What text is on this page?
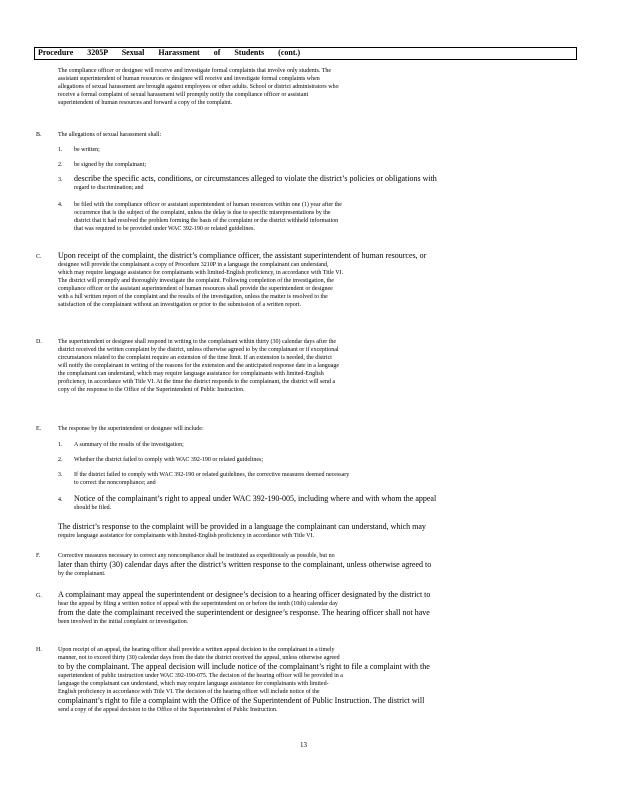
Procedure 3205P Sexual Harassment of Students (cont.)
The compliance officer or designee will receive and investigate formal complaints that involve only students. The
assistant superintendent of human resources or designee will receive and investigate formal complaints when
allegations of sexual harassment are brought against employees or other adults. School or district administrators who
receive a formal complaint of sexual harassment will promptly notify the compliance officer or assistant
superintendent of human resources and forward a copy of the complaint.
B.	The allegations of sexual harassment shall:
1. be written;
2. be signed by the complainant;
3. describe the specific acts, conditions, or circumstances alleged to violate the district’s policies or obligations with
regard to discrimination; and
4. be filed with the compliance officer or assistant superintendent of human resources within one (1) year after the
occurrence that is the subject of the complaint, unless the delay is due to specific misrepresentations by the
district that it had resolved the problem forming the basis of the complaint or the district withheld information
that was required to be provided under WAC 392-190 or related guidelines.
C. Upon receipt of the complaint, the district’s compliance officer, the assistant superintendent of human resources, or
designee will provide the complainant a copy of Procedure 3210P in a language the complainant can understand,
which may require language assistance for complainants with limited-English proficiency, in accordance with Title VI.
The district will promptly and thoroughly investigate the complaint. Following completion of the investigation, the
compliance officer or the assistant superintendent of human resources shall provide the superintendent or designee
with a full written report of the complaint and the results of the investigation, unless the matter is resolved to the
satisfaction of the complainant without an investigation or prior to the submission of a written report.
D.	The superintendent or designee shall respond in writing to the complainant within thirty (30) calendar days after the
district received the written complaint by the district, unless otherwise agreed to by the complainant or if exceptional
circumstances related to the complaint require an extension of the time limit. If an extension is needed, the district
will notify the complainant in writing of the reasons for the extension and the anticipated response date in a language
the complainant can understand, which may require language assistance for complainants with limited-English
proficiency, in accordance with Title VI. At the time the district responds to the complainant, the district will send a
copy of the response to the Office of the Superintendent of Public Instruction.
E.	The response by the superintendent or designee will include:
1. A summary of the results of the investigation;
2. Whether the district failed to comply with WAC 392-190 or related guidelines;
3. If the district failed to comply with WAC 392-190 or related guidelines, the corrective measures deemed necessary
to correct the noncompliance; and
4. Notice of the complainant’s right to appeal under WAC 392-190-005, including where and with whom the appeal
should be filed.
The district’s response to the complaint will be provided in a language the complainant can understand, which may
require language assistance for complainants with limited-English proficiency in accordance with Title VI.
F.	Corrective measures necessary to correct any noncompliance shall be instituted as expeditiously as possible, but no
later than thirty (30) calendar days after the district’s written response to the complainant, unless otherwise agreed to
by the complainant.
G. A complainant may appeal the superintendent or designee’s decision to a hearing officer designated by the district to
hear the appeal by filing a written notice of appeal with the superintendent on or before the tenth (10th) calendar day
from the date the complainant received the superintendent or designee’s response. The hearing officer shall not have
been involved in the initial complaint or investigation.
H.	Upon receipt of an appeal, the hearing officer shall provide a written appeal decision to the complainant in a timely
manner, not to exceed thirty (30) calendar days from the date the district received the appeal, unless otherwise agreed
to by the complainant. The appeal decision will include notice of the complainant’s right to file a complaint with the
superintendent of public instruction under WAC 392-190-075. The decision of the hearing officer will be provided in a
language the complainant can understand, which may require language assistance for complainants with limited-
English proficiency in accordance with Title VI. The decision of the hearing officer will include notice of the
complainant’s right to file a complaint with the Office of the Superintendent of Public Instruction. The district will
send a copy of the appeal decision to the Office of the Superintendent of Public Instruction.
13
